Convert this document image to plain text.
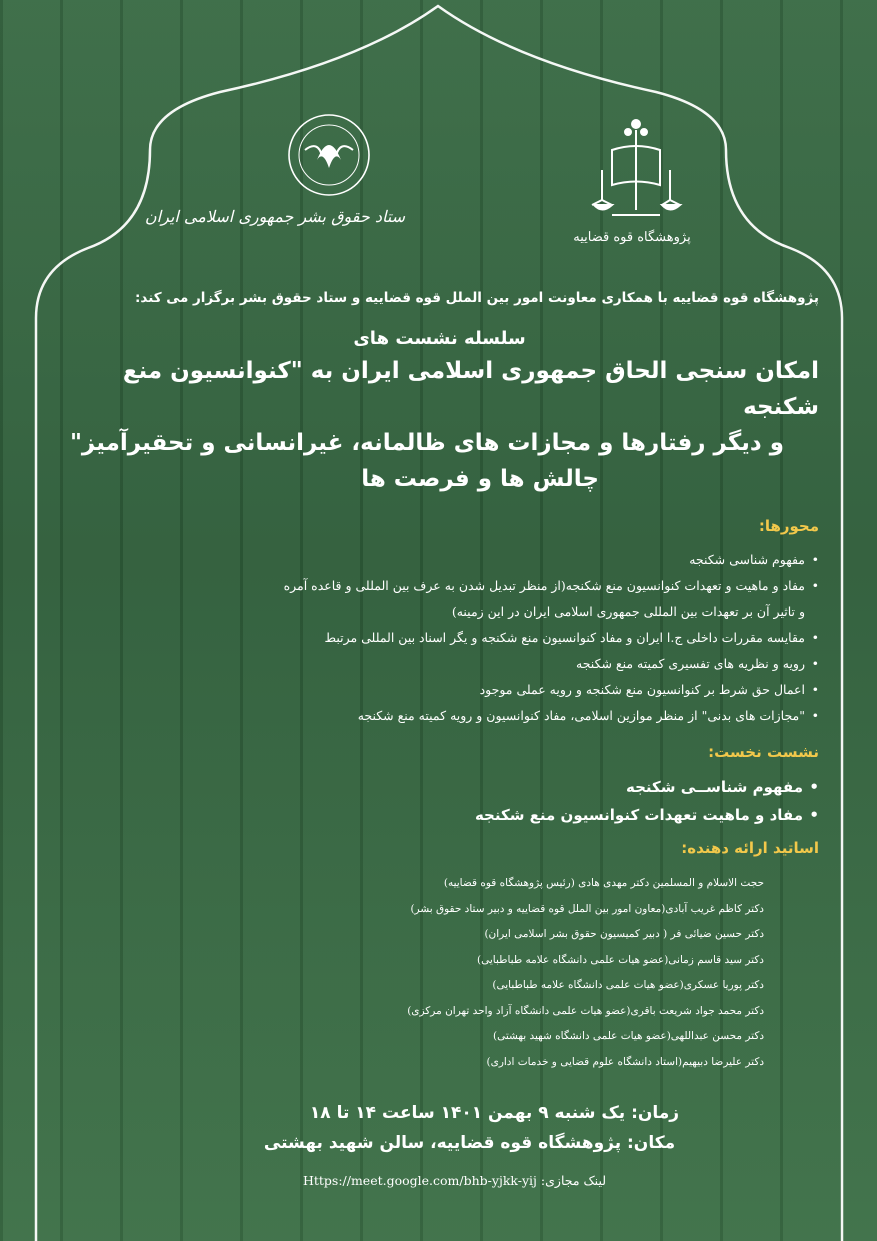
پژوهشگاه قوه قضاییه
ستاد حقوق بشر جمهوری اسلامی ایران

پژوهشگاه قوه قضاییه با همکاری معاونت امور بین الملل قوه قضاییه و ستاد حقوق بشر برگزار می کند:

سلسله نشست های

امکان سنجی الحاق جمهوری اسلامی ایران به "کنوانسیون منع شکنجه

و دیگر رفتارها و مجازات های ظالمانه، غیرانسانی و تحقیرآمیز"

چالش ها و فرصت ها

محورها:

• مفهوم شناسی شکنجه
• مفاد و ماهیت و تعهدات کنوانسیون منع شکنجه(از منظر تبدیل شدن به عرف بین المللی و قاعده آمره
و تاثیر آن بر تعهدات بین المللی جمهوری اسلامی ایران در این زمینه)
• مقایسه مقررات داخلی ج.ا ایران و مفاد کنوانسیون منع شکنجه و یگر اسناد بین المللی مرتبط
• رویه و نظریه های تفسیری کمیته منع شکنجه
• اعمال حق شرط بر کنوانسیون منع شکنجه و رویه عملی موجود
• "مجازات های بدنی" از منظر موازین اسلامی، مفاد کنوانسیون و رویه کمیته منع شکنجه

نشست نخست:

• مفهوم شناســی شکنجه
• مفاد و ماهیت تعهدات کنوانسیون منع شکنجه

اساتید ارائه دهنده:

حجت الاسلام و المسلمین دکتر مهدی هادی (رئیس پژوهشگاه قوه قضاییه)
دکتر کاظم غریب آبادی(معاون امور بین الملل قوه قضاییه و دبیر ستاد حقوق بشر)
دکتر حسین ضیائی فر ( دبیر کمیسیون حقوق بشر اسلامی ایران)
دکتر سید قاسم زمانی(عضو هیات علمی دانشگاه علامه طباطبایی)
دکتر پوریا عسکری(عضو هیات علمی دانشگاه علامه طباطبایی)
دکتر محمد جواد شریعت باقری(عضو هیات علمی دانشگاه آزاد واحد تهران مرکزی)
دکتر محسن عبداللهی(عضو هیات علمی دانشگاه شهید بهشتی)
دکتر علیرضا دبیهیم(استاد دانشگاه علوم قضایی و خدمات اداری)
زمان: یک شنبه ۹ بهمن ۱۴۰۱ ساعت ۱۴ تا ۱۸
مکان: پژوهشگاه قوه قضاییه، سالن شهید بهشتی
Https://meet.google.com/bhb-yjkk-yij لینک مجازی:
